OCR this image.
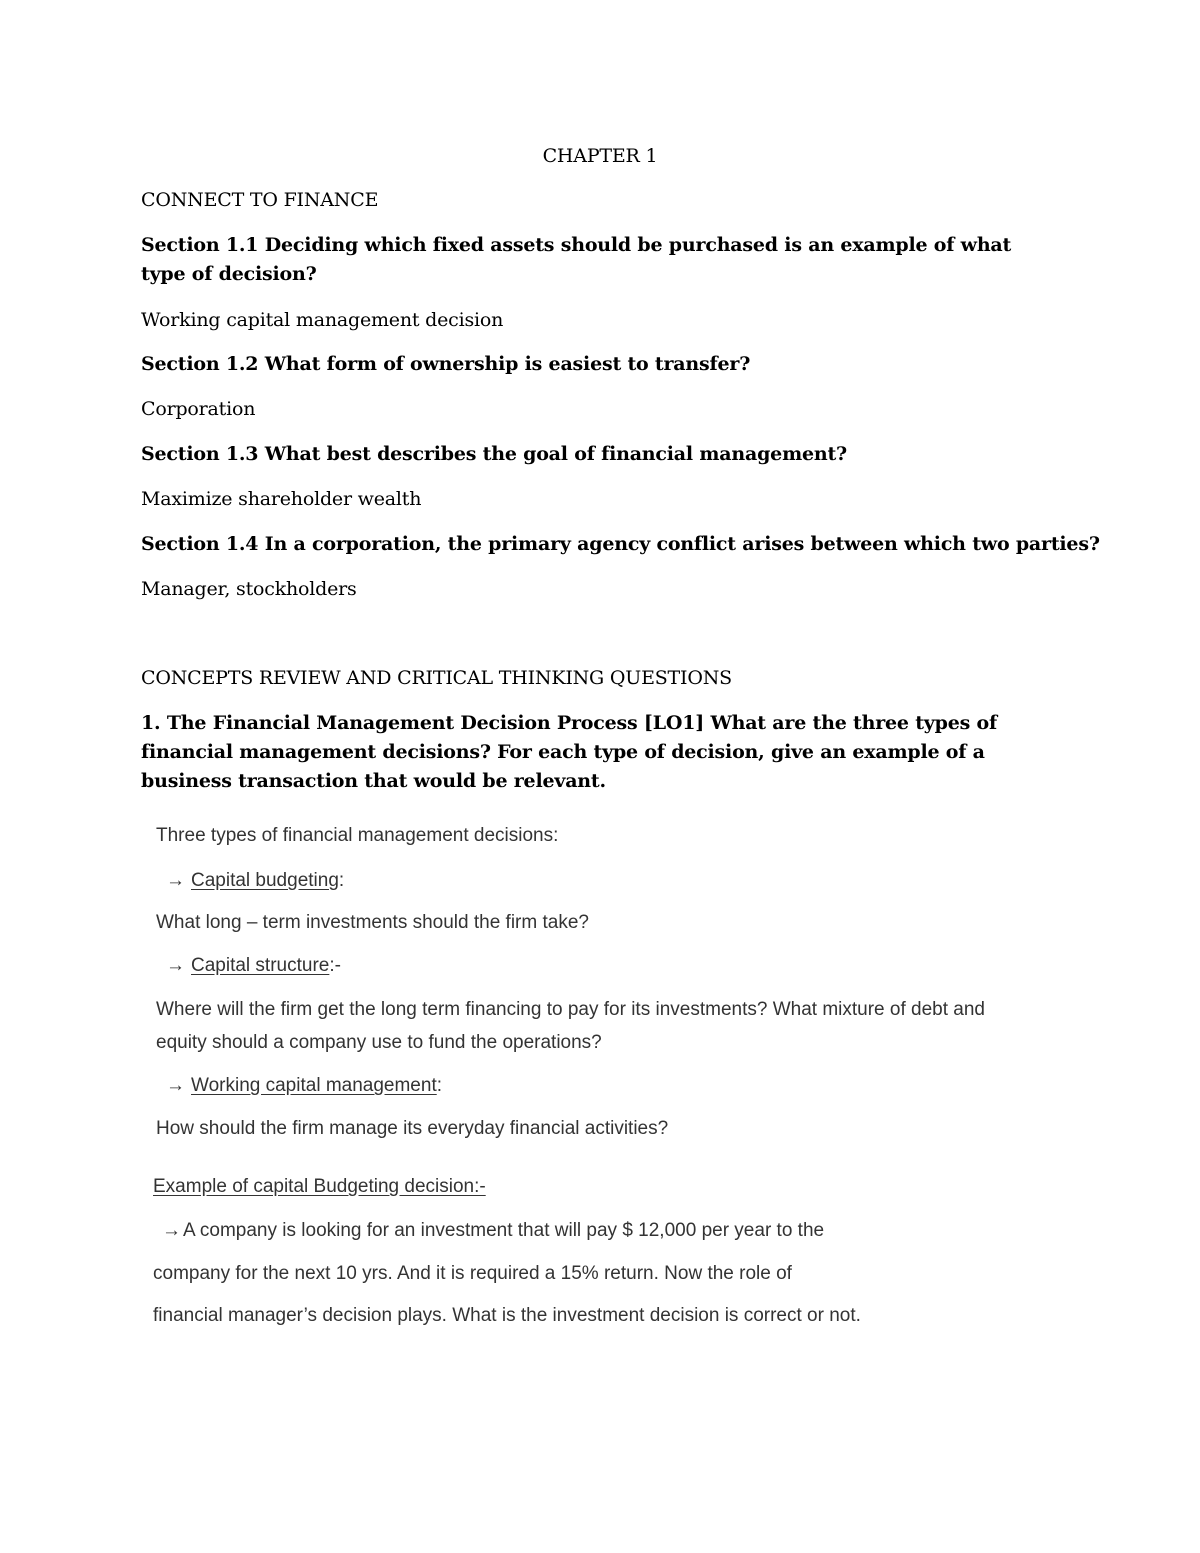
CHAPTER 1

CONNECT TO FINANCE

Section 1.1 Deciding which fixed assets should be purchased is an example of what type of decision?

Working capital management decision

Section 1.2 What form of ownership is easiest to transfer?

Corporation

Section 1.3 What best describes the goal of financial management?

Maximize shareholder wealth

Section 1.4 In a corporation, the primary agency conflict arises between which two parties?

Manager, stockholders

CONCEPTS REVIEW AND CRITICAL THINKING QUESTIONS

1. The Financial Management Decision Process [LO1] What are the three types of financial management decisions? For each type of decision, give an example of a business transaction that would be relevant.

Three types of financial management decisions:

→ Capital budgeting:

What long – term investments should the firm take?

→ Capital structure:-

Where will the firm get the long term financing to pay for its investments? What mixture of debt and equity should a company use to fund the operations?

→ Working capital management:

How should the firm manage its everyday financial activities?

Example of capital Budgeting decision:-

→ A company is looking for an investment that will pay $ 12,000 per year to the

company for the next 10 yrs. And it is required a 15% return. Now the role of

financial manager’s decision plays. What is the investment decision is correct or not.
